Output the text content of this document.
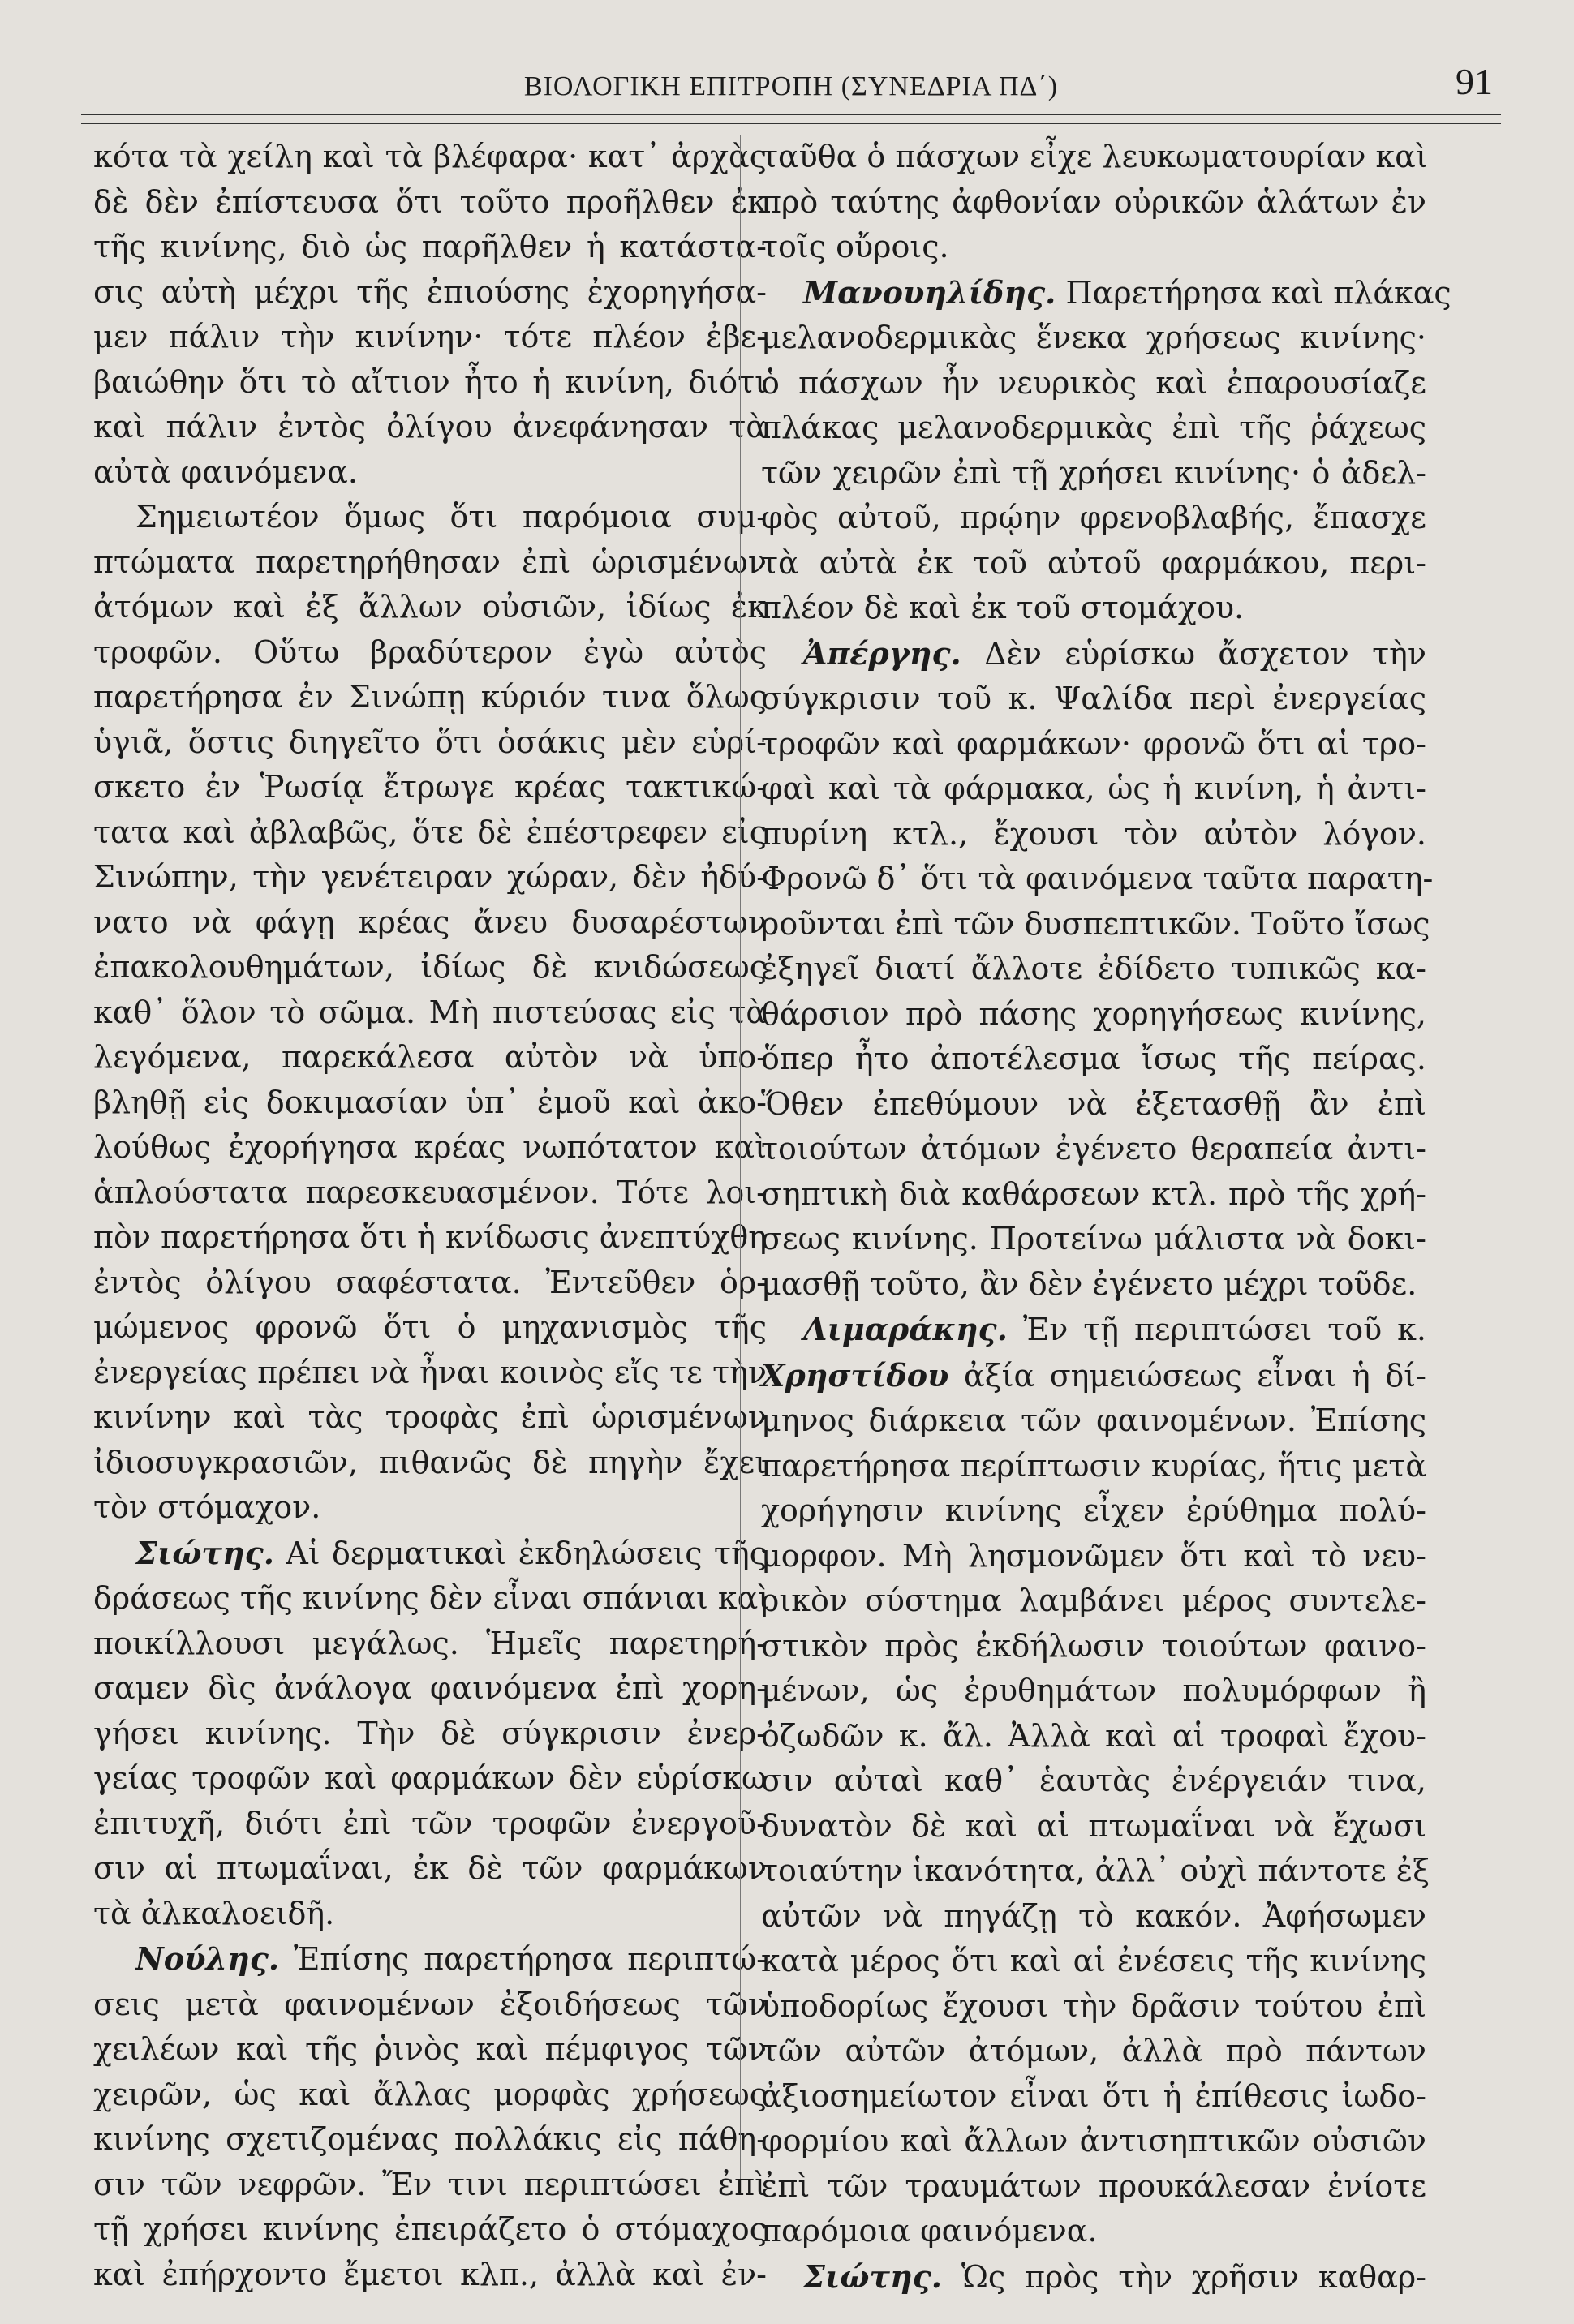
ΒΙΟΛΟΓΙΚΗ ΕΠΙΤΡΟΠΗ (ΣΥΝΕΔΡΙΑ ΠΔ΄)	91
κότα τὰ χείλη καὶ τὰ βλέφαρα· κατ᾽ ἀρχὰς
δὲ δὲν ἐπίστευσα ὅτι τοῦτο προῆλθεν ἐκ
τῆς κινίνης, διὸ ὡς παρῆλθεν ἡ κατάστα-
σις αὐτὴ μέχρι τῆς ἐπιούσης ἐχορηγήσα-
μεν πάλιν τὴν κινίνην· τότε πλέον ἐβε-
βαιώθην ὅτι τὸ αἴτιον ἦτο ἡ κινίνη, διότι
καὶ πάλιν ἐντὸς ὀλίγου ἀνεφάνησαν τὰ
αὐτὰ φαινόμενα.
Σημειωτέον ὅμως ὅτι παρόμοια συμ-
πτώματα παρετηρήθησαν ἐπὶ ὡρισμένων
ἀτόμων καὶ ἐξ ἄλλων οὐσιῶν, ἰδίως ἐκ
τροφῶν. Οὕτω βραδύτερον ἐγὼ αὐτὸς
παρετήρησα ἐν Σινώπῃ κύριόν τινα ὅλως
ὑγιᾶ, ὅστις διηγεῖτο ὅτι ὁσάκις μὲν εὑρί-
σκετο ἐν Ῥωσίᾳ ἔτρωγε κρέας τακτικώ-
τατα καὶ ἀβλαβῶς, ὅτε δὲ ἐπέστρεφεν εἰς
Σινώπην, τὴν γενέτειραν χώραν, δὲν ἠδύ-
νατο νὰ φάγῃ κρέας ἄνευ δυσαρέστων
ἐπακολουθημάτων, ἰδίως δὲ κνιδώσεως
καθ᾽ ὅλον τὸ σῶμα. Μὴ πιστεύσας εἰς τὰ
λεγόμενα, παρεκάλεσα αὐτὸν νὰ ὑπο-
βληθῇ εἰς δοκιμασίαν ὑπ᾽ ἐμοῦ καὶ ἀκο-
λούθως ἐχορήγησα κρέας νωπότατον καὶ
ἁπλούστατα παρεσκευασμένον. Τότε λοι-
πὸν παρετήρησα ὅτι ἡ κνίδωσις ἀνεπτύχθη
ἐντὸς ὀλίγου σαφέστατα. Ἐντεῦθεν ὁρ-
μώμενος φρονῶ ὅτι ὁ μηχανισμὸς τῆς
ἐνεργείας πρέπει νὰ ἦναι κοινὸς εἴς τε τὴν
κινίνην καὶ τὰς τροφὰς ἐπὶ ὡρισμένων
ἰδιοσυγκρασιῶν, πιθανῶς δὲ πηγὴν ἔχει
τὸν στόμαχον.
Σιώτης. Αἱ δερματικαὶ ἐκδηλώσεις τῆς
δράσεως τῆς κινίνης δὲν εἶναι σπάνιαι καὶ
ποικίλλουσι μεγάλως. Ἡμεῖς παρετηρή-
σαμεν δὶς ἀνάλογα φαινόμενα ἐπὶ χορη-
γήσει κινίνης. Τὴν δὲ σύγκρισιν ἐνερ-
γείας τροφῶν καὶ φαρμάκων δὲν εὑρίσκω
ἐπιτυχῆ, διότι ἐπὶ τῶν τροφῶν ἐνεργοῦ-
σιν αἱ πτωμαΐναι, ἐκ δὲ τῶν φαρμάκων
τὰ ἀλκαλοειδῆ.
Νούλης. Ἐπίσης παρετήρησα περιπτώ-
σεις μετὰ φαινομένων ἐξοιδήσεως τῶν
χειλέων καὶ τῆς ῥινὸς καὶ πέμφιγος τῶν
χειρῶν, ὡς καὶ ἄλλας μορφὰς χρήσεως
κινίνης σχετιζομένας πολλάκις εἰς πάθη-
σιν τῶν νεφρῶν. Ἔν τινι περιπτώσει ἐπὶ
τῇ χρήσει κινίνης ἐπειράζετο ὁ στόμαχος
καὶ ἐπήρχοντο ἔμετοι κλπ., ἀλλὰ καὶ ἐν-
ταῦθα ὁ πάσχων εἶχε λευκωματουρίαν καὶ
πρὸ ταύτης ἀφθονίαν οὐρικῶν ἁλάτων ἐν
τοῖς οὔροις.
Μανουηλίδης. Παρετήρησα καὶ πλάκας
μελανοδερμικὰς ἕνεκα χρήσεως κινίνης·
ὁ πάσχων ἦν νευρικὸς καὶ ἐπαρουσίαζε
πλάκας μελανοδερμικὰς ἐπὶ τῆς ῥάχεως
τῶν χειρῶν ἐπὶ τῇ χρήσει κινίνης· ὁ ἀδελ-
φὸς αὐτοῦ, πρῴην φρενοβλαβής, ἔπασχε
τὰ αὐτὰ ἐκ τοῦ αὐτοῦ φαρμάκου, περι-
πλέον δὲ καὶ ἐκ τοῦ στομάχου.
Ἀπέργης. Δὲν εὑρίσκω ἄσχετον τὴν
σύγκρισιν τοῦ κ. Ψαλίδα περὶ ἐνεργείας
τροφῶν καὶ φαρμάκων· φρονῶ ὅτι αἱ τρο-
φαὶ καὶ τὰ φάρμακα, ὡς ἡ κινίνη, ἡ ἀντι-
πυρίνη κτλ., ἔχουσι τὸν αὐτὸν λόγον.
Φρονῶ δ᾽ ὅτι τὰ φαινόμενα ταῦτα παρατη-
ροῦνται ἐπὶ τῶν δυσπεπτικῶν. Τοῦτο ἴσως
ἐξηγεῖ διατί ἄλλοτε ἐδίδετο τυπικῶς κα-
θάρσιον πρὸ πάσης χορηγήσεως κινίνης,
ὅπερ ἦτο ἀποτέλεσμα ἴσως τῆς πείρας.
Ὅθεν ἐπεθύμουν νὰ ἐξετασθῇ ἂν ἐπὶ
τοιούτων ἀτόμων ἐγένετο θεραπεία ἀντι-
σηπτικὴ διὰ καθάρσεων κτλ. πρὸ τῆς χρή-
σεως κινίνης. Προτείνω μάλιστα νὰ δοκι-
μασθῇ τοῦτο, ἂν δὲν ἐγένετο μέχρι τοῦδε.
Λιμαράκης. Ἐν τῇ περιπτώσει τοῦ κ.
Χρηστίδου ἀξία σημειώσεως εἶναι ἡ δί-
μηνος διάρκεια τῶν φαινομένων. Ἐπίσης
παρετήρησα περίπτωσιν κυρίας, ἥτις μετὰ
χορήγησιν κινίνης εἶχεν ἐρύθημα πολύ-
μορφον. Μὴ λησμονῶμεν ὅτι καὶ τὸ νευ-
ρικὸν σύστημα λαμβάνει μέρος συντελε-
στικὸν πρὸς ἐκδήλωσιν τοιούτων φαινο-
μένων, ὡς ἐρυθημάτων πολυμόρφων ἢ
ὀζωδῶν κ. ἄλ. Ἀλλὰ καὶ αἱ τροφαὶ ἔχου-
σιν αὐταὶ καθ᾽ ἑαυτὰς ἐνέργειάν τινα,
δυνατὸν δὲ καὶ αἱ πτωμαΐναι νὰ ἔχωσι
τοιαύτην ἱκανότητα, ἀλλ᾽ οὐχὶ πάντοτε ἐξ
αὐτῶν νὰ πηγάζῃ τὸ κακόν. Ἀφήσωμεν
κατὰ μέρος ὅτι καὶ αἱ ἐνέσεις τῆς κινίνης
ὑποδορίως ἔχουσι τὴν δρᾶσιν τούτου ἐπὶ
τῶν αὐτῶν ἀτόμων, ἀλλὰ πρὸ πάντων
ἀξιοσημείωτον εἶναι ὅτι ἡ ἐπίθεσις ἰωδο-
φορμίου καὶ ἄλλων ἀντισηπτικῶν οὐσιῶν
ἐπὶ τῶν τραυμάτων προυκάλεσαν ἐνίοτε
παρόμοια φαινόμενα.
Σιώτης. Ὡς πρὸς τὴν χρῆσιν καθαρ-
